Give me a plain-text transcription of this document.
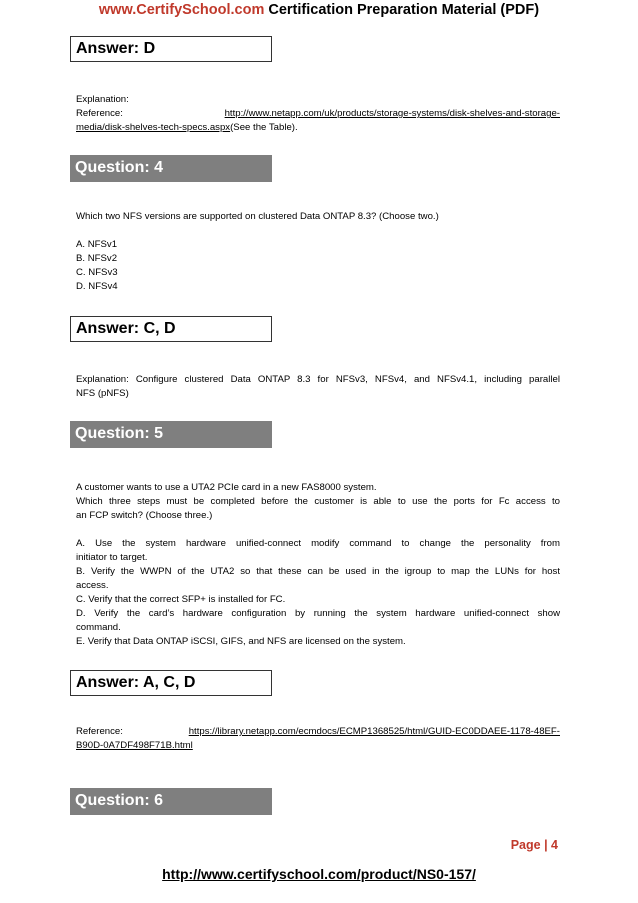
www.CertifySchool.com Certification Preparation Material (PDF)
Answer: D
Explanation:
Reference:	http://www.netapp.com/uk/products/storage-systems/disk-shelves-and-storage-
media/disk-shelves-tech-specs.aspx(See the Table).
Question: 4
Which two NFS versions are supported on clustered Data ONTAP 8.3? (Choose two.)
A. NFSv1
B. NFSv2
C. NFSv3
D. NFSv4
Answer: C, D
Explanation: Configure clustered Data ONTAP 8.3 for NFSv3, NFSv4, and NFSv4.1, including parallel
NFS (pNFS)
Question: 5
A customer wants to use a UTA2 PCIe card in a new FAS8000 system.
Which three steps must be completed before the customer is able to use the ports for Fc access to
an FCP switch? (Choose three.)
A. Use the system hardware unified-connect modify command to change the personality from
initiator to target.
B. Verify the WWPN of the UTA2 so that these can be used in the igroup to map the LUNs for host
access.
C. Verify that the correct SFP+ is installed for FC.
D. Verify the card’s hardware configuration by running the system hardware unified-connect show
command.
E. Verify that Data ONTAP iSCSI, GIFS, and NFS are licensed on the system.
Answer: A, C, D
Reference:	https://library.netapp.com/ecmdocs/ECMP1368525/html/GUID-EC0DDAEE-1178-48EF-
B90D-0A7DF498F71B.html
Question: 6
Page | 4
http://www.certifyschool.com/product/NS0-157/
